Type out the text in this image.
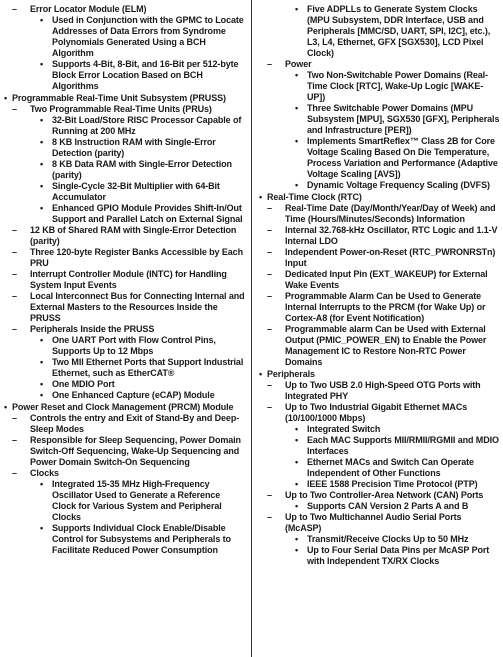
– Error Locator Module (ELM)
• Used in Conjunction with the GPMC to Locate Addresses of Data Errors from Syndrome Polynomials Generated Using a BCH Algorithm
• Supports 4-Bit, 8-Bit, and 16-Bit per 512-byte Block Error Location Based on BCH Algorithms
• Programmable Real-Time Unit Subsystem (PRUSS)
– Two Programmable Real-Time Units (PRUs)
• 32-Bit Load/Store RISC Processor Capable of Running at 200 MHz
• 8 KB Instruction RAM with Single-Error Detection (parity)
• 8 KB Data RAM with Single-Error Detection (parity)
• Single-Cycle 32-Bit Multiplier with 64-Bit Accumulator
• Enhanced GPIO Module Provides Shift-In/Out Support and Parallel Latch on External Signal
– 12 KB of Shared RAM with Single-Error Detection (parity)
– Three 120-byte Register Banks Accessible by Each PRU
– Interrupt Controller Module (INTC) for Handling System Input Events
– Local Interconnect Bus for Connecting Internal and External Masters to the Resources Inside the PRUSS
– Peripherals Inside the PRUSS
• One UART Port with Flow Control Pins, Supports Up to 12 Mbps
• Two MII Ethernet Ports that Support Industrial Ethernet, such as EtherCAT®
• One MDIO Port
• One Enhanced Capture (eCAP) Module
• Power Reset and Clock Management (PRCM) Module
– Controls the entry and Exit of Stand-By and Deep-Sleep Modes
– Responsible for Sleep Sequencing, Power Domain Switch-Off Sequencing, Wake-Up Sequencing and Power Domain Switch-On Sequencing
– Clocks
• Integrated 15-35 MHz High-Frequency Oscillator Used to Generate a Reference Clock for Various System and Peripheral Clocks
• Supports Individual Clock Enable/Disable Control for Subsystems and Peripherals to Facilitate Reduced Power Consumption
• Five ADPLLs to Generate System Clocks (MPU Subsystem, DDR Interface, USB and Peripherals [MMC/SD, UART, SPI, I2C], etc.), L3, L4, Ethernet, GFX [SGX530], LCD Pixel Clock)
– Power
• Two Non-Switchable Power Domains (Real-Time Clock [RTC], Wake-Up Logic [WAKE-UP])
• Three Switchable Power Domains (MPU Subsystem [MPU], SGX530 [GFX], Peripherals and Infrastructure [PER])
• Implements SmartReflex™ Class 2B for Core Voltage Scaling Based On Die Temperature, Process Variation and Performance (Adaptive Voltage Scaling [AVS])
• Dynamic Voltage Frequency Scaling (DVFS)
• Real-Time Clock (RTC)
– Real-Time Date (Day/Month/Year/Day of Week) and Time (Hours/Minutes/Seconds) Information
– Internal 32.768-kHz Oscillator, RTC Logic and 1.1-V Internal LDO
– Independent Power-on-Reset (RTC_PWRONRSTn) Input
– Dedicated Input Pin (EXT_WAKEUP) for External Wake Events
– Programmable Alarm Can be Used to Generate Internal Interrupts to the PRCM (for Wake Up) or Cortex-A8 (for Event Notification)
– Programmable alarm Can be Used with External Output (PMIC_POWER_EN) to Enable the Power Management IC to Restore Non-RTC Power Domains
• Peripherals
– Up to Two USB 2.0 High-Speed OTG Ports with Integrated PHY
– Up to Two Industrial Gigabit Ethernet MACs (10/100/1000 Mbps)
• Integrated Switch
• Each MAC Supports MII/RMII/RGMII and MDIO Interfaces
• Ethernet MACs and Switch Can Operate Independent of Other Functions
• IEEE 1588 Precision Time Protocol (PTP)
– Up to Two Controller-Area Network (CAN) Ports
• Supports CAN Version 2 Parts A and B
– Up to Two Multichannel Audio Serial Ports (McASP)
• Transmit/Receive Clocks Up to 50 MHz
• Up to Four Serial Data Pins per McASP Port with Independent TX/RX Clocks
